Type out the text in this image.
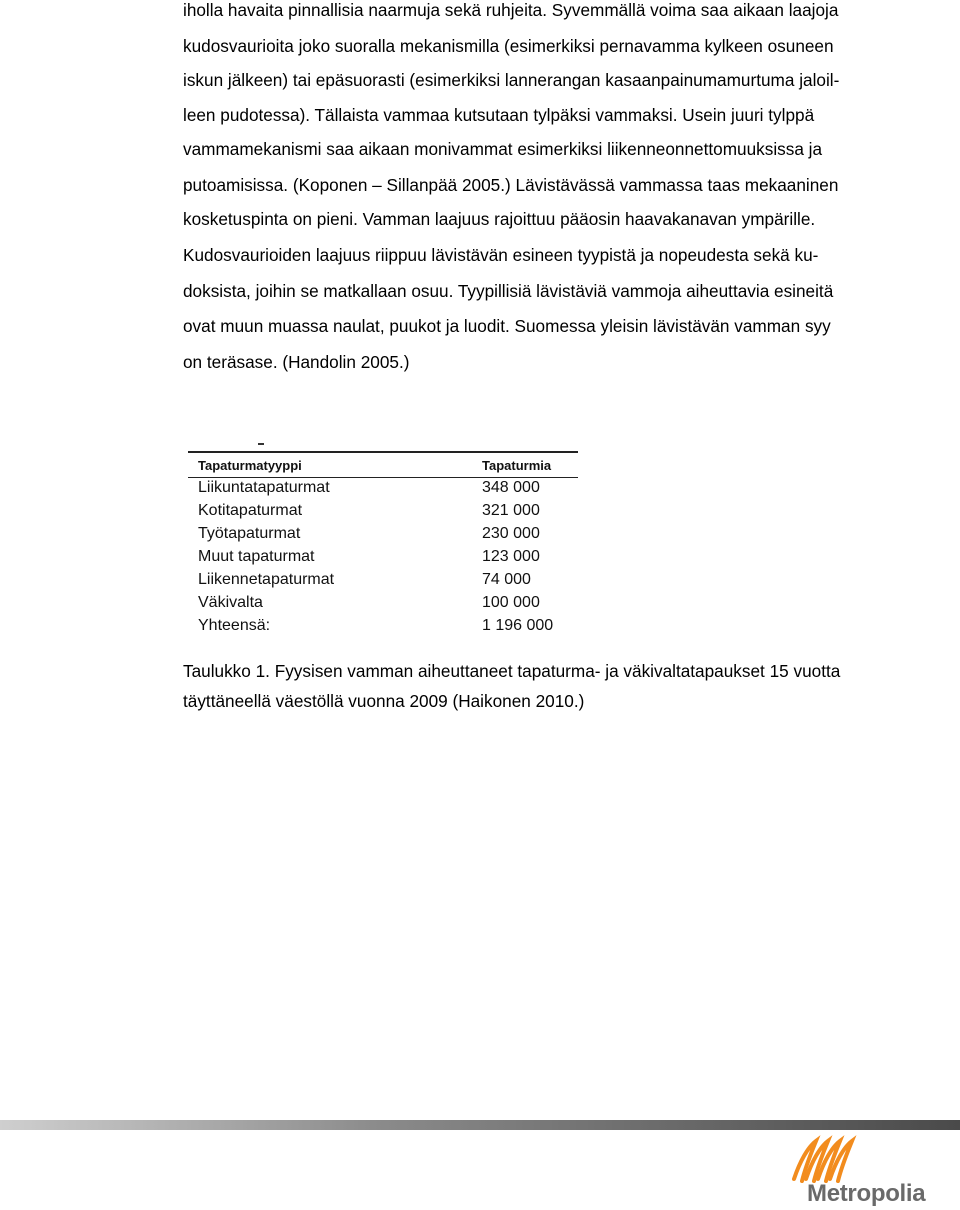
iholla havaita pinnallisia naarmuja sekä ruhjeita. Syvemmällä voima saa aikaan laajoja
kudosvaurioita joko suoralla mekanismilla (esimerkiksi pernavamma kylkeen osuneen
iskun jälkeen) tai epäsuorasti (esimerkiksi lannerangan kasaanpainumamurtuma jaloil-
leen pudotessa). Tällaista vammaa kutsutaan tylpäksi vammaksi. Usein juuri tylppä
vammamekanismi saa aikaan monivammat esimerkiksi liikenneonnettomuuksissa ja
putoamisissa. (Koponen – Sillanpää 2005.) Lävistävässä vammassa taas mekaaninen
kosketuspinta on pieni. Vamman laajuus rajoittuu pääosin haavakanavan ympärille.
Kudosvaurioiden laajuus riippuu lävistävän esineen tyypistä ja nopeudesta sekä ku-
doksista, joihin se matkallaan osuu. Tyypillisiä lävistäviä vammoja aiheuttavia esineitä
ovat muun muassa naulat, puukot ja luodit. Suomessa yleisin lävistävän vamman syy
on teräsase. (Handolin 2005.)
Tapaturmatyyppi	Tapaturmia
Liikuntatapaturmat	348 000
Kotitapaturmat	321 000
Työtapaturmat	230 000
Muut tapaturmat	123 000
Liikennetapaturmat	74 000
Väkivalta	100 000
Yhteensä:	1 196 000
Taulukko 1. Fyysisen vamman aiheuttaneet tapaturma- ja väkivaltatapaukset 15 vuotta
täyttäneellä väestöllä vuonna 2009 (Haikonen 2010.)
Metropolia
